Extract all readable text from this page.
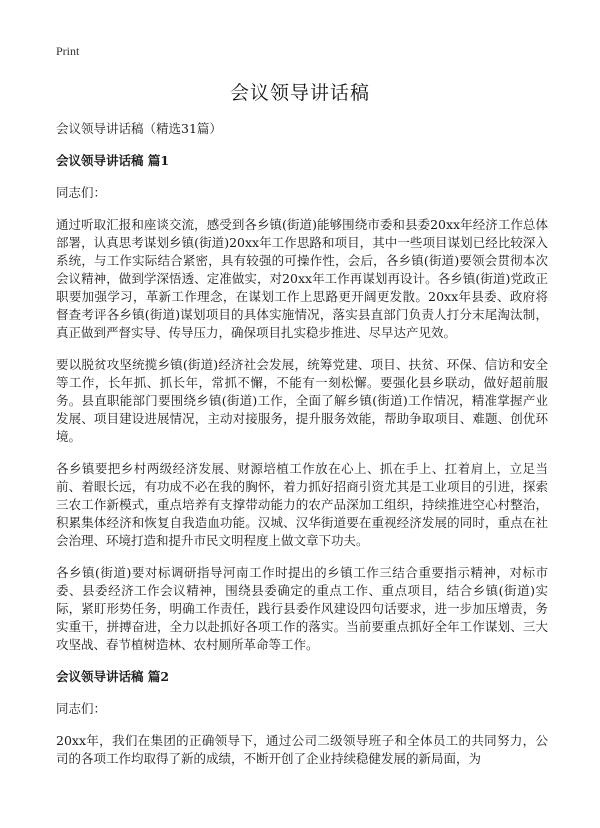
Print
会议领导讲话稿

会议领导讲话稿（精选31篇）

会议领导讲话稿 篇1

同志们：

通过听取汇报和座谈交流，感受到各乡镇(街道)能够围绕市委和县委20xx年经济工作总体部署，认真思考谋划乡镇(街道)20xx年工作思路和项目，其中一些项目谋划已经比较深入系统，与工作实际结合紧密，具有较强的可操作性，会后，各乡镇(街道)要领会贯彻本次会议精神，做到学深悟透、定准做实，对20xx年工作再谋划再设计。各乡镇(街道)党政正职要加强学习，革新工作理念，在谋划工作上思路更开阔更发散。20xx年县委、政府将督查考评各乡镇(街道)谋划项目的具体实施情况，落实县直部门负责人打分末尾淘汰制，真正做到严督实导、传导压力，确保项目扎实稳步推进、尽早达产见效。

要以脱贫攻坚统揽乡镇(街道)经济社会发展，统筹党建、项目、扶贫、环保、信访和安全等工作，长年抓、抓长年，常抓不懈，不能有一刻松懈。要强化县乡联动，做好超前服务。县直职能部门要围绕乡镇(街道)工作，全面了解乡镇(街道)工作情况，精准掌握产业发展、项目建设进展情况，主动对接服务，提升服务效能，帮助争取项目、难题、创优环境。

各乡镇要把乡村两级经济发展、财源培植工作放在心上、抓在手上、扛着肩上，立足当前、着眼长远，有功成不必在我的胸怀，着力抓好招商引资尤其是工业项目的引进，探索三农工作新模式，重点培养有支撑带动能力的农产品深加工组织，持续推进空心村整治，积累集体经济和恢复自我造血功能。汉城、汉华街道要在重视经济发展的同时，重点在社会治理、环境打造和提升市民文明程度上做文章下功夫。

各乡镇(街道)要对标调研指导河南工作时提出的乡镇工作三结合重要指示精神，对标市委、县委经济工作会议精神，围绕县委确定的重点工作、重点项目，结合乡镇(街道)实际，紧盯形势任务，明确工作责任，践行县委作风建设四句话要求，进一步加压增责，务实重干，拼搏奋进，全力以赴抓好各项工作的落实。当前要重点抓好全年工作谋划、三大攻坚战、春节植树造林、农村厕所革命等工作。

会议领导讲话稿 篇2

同志们：

20xx年，我们在集团的正确领导下，通过公司二级领导班子和全体员工的共同努力，公司的各项工作均取得了新的成绩，不断开创了企业持续稳健发展的新局面，为
